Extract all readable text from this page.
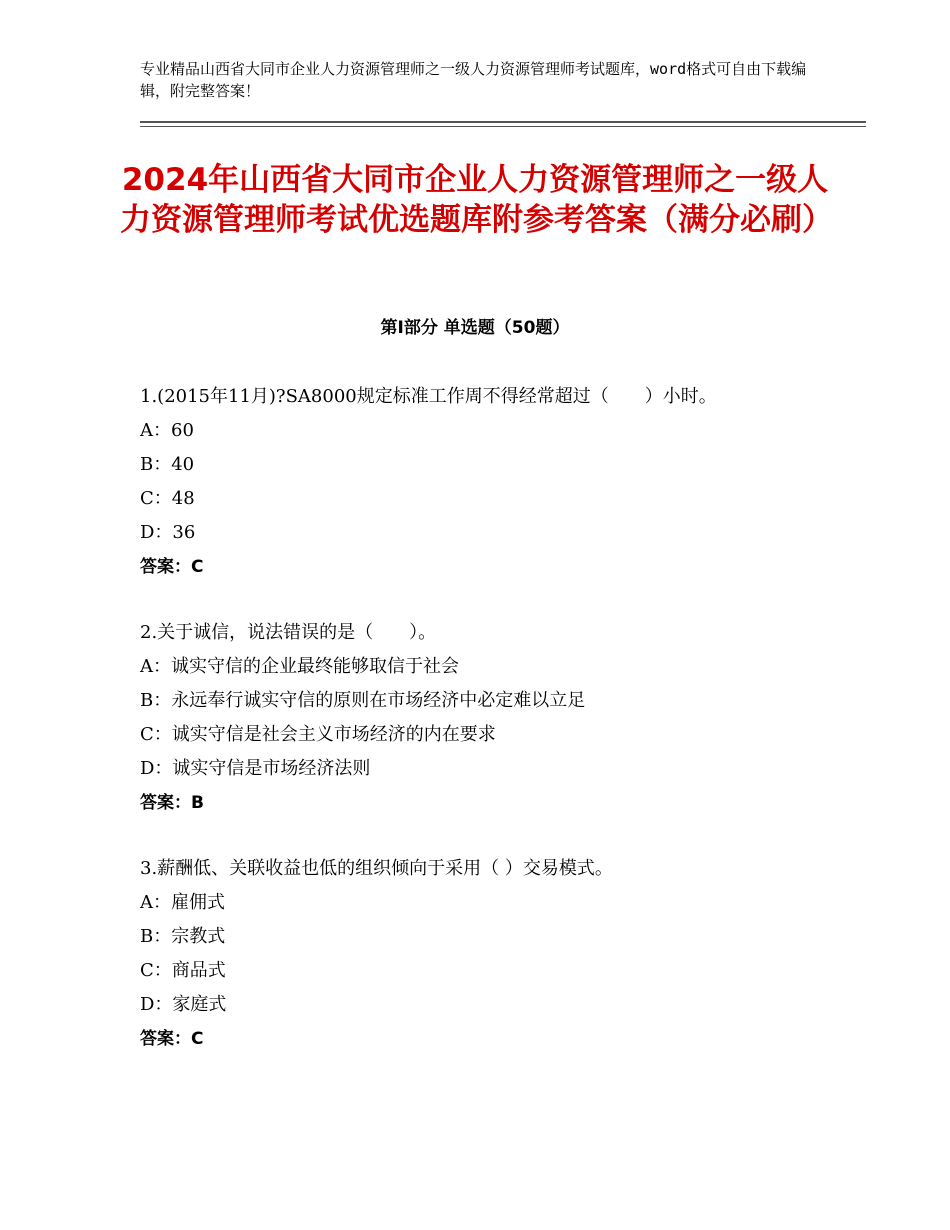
专业精品山西省大同市企业人力资源管理师之一级人力资源管理师考试题库，word格式可自由下载编辑，附完整答案！
2024年山西省大同市企业人力资源管理师之一级人力资源管理师考试优选题库附参考答案（满分必刷）
第Ⅰ部分 单选题（50题）
1.(2015年11月)?SA8000规定标准工作周不得经常超过（　　）小时。
A：60
B：40
C：48
D：36
答案：C
2.关于诚信，说法错误的是（　　）。
A：诚实守信的企业最终能够取信于社会
B：永远奉行诚实守信的原则在市场经济中必定难以立足
C：诚实守信是社会主义市场经济的内在要求
D：诚实守信是市场经济法则
答案：B
3.薪酬低、关联收益也低的组织倾向于采用（ ）交易模式。
A：雇佣式
B：宗教式
C：商品式
D：家庭式
答案：C
